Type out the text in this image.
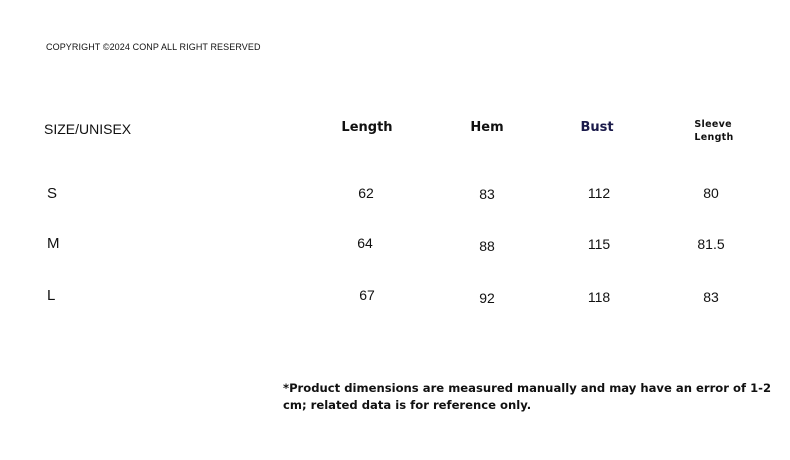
COPYRIGHT ©2024 CONP ALL RIGHT RESERVED
SIZE/UNISEX	Length	Hem	Bust	Sleeve
Length
S	62	83	112	80
M	64	88	115	81.5
L	67	92	118	83
*Product dimensions are measured manually and may have an error of 1-2 cm; related data is for reference only.
